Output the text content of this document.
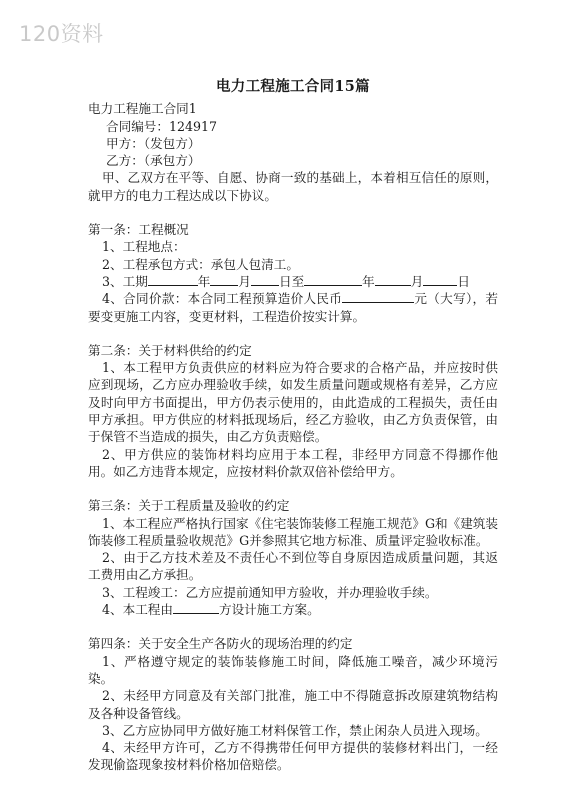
120资料
电力工程施工合同15篇
电力工程施工合同1
合同编号：124917
甲方：（发包方）
乙方：（承包方）
甲、乙双方在平等、自愿、协商一致的基础上，本着相互信任的原则，就甲方的电力工程达成以下协议。
第一条：工程概况
1、工程地点：
2、工程承包方式：承包人包清工。
3、工期	年 月 日至	年	月	日
4、合同价款：本合同工程预算造价人民币	元（大写），若要变更施工内容，变更材料，工程造价按实计算。
第二条：关于材料供给的约定
1、本工程甲方负责供应的材料应为符合要求的合格产品，并应按时供应到现场，乙方应办理验收手续，如发生质量问题或规格有差异，乙方应及时向甲方书面提出，甲方仍表示使用的，由此造成的工程损失，责任由甲方承担。甲方供应的材料抵现场后，经乙方验收，由乙方负责保管，由于保管不当造成的损失，由乙方负责赔偿。
2、甲方供应的装饰材料均应用于本工程，非经甲方同意不得挪作他用。如乙方违背本规定，应按材料价款双倍补偿给甲方。
第三条：关于工程质量及验收的约定
1、本工程应严格执行国家《住宅装饰装修工程施工规范》G和《建筑装饰装修工程质量验收规范》G并参照其它地方标准、质量评定验收标准。
2、由于乙方技术差及不责任心不到位等自身原因造成质量问题，其返工费用由乙方承担。
3、工程竣工：乙方应提前通知甲方验收，并办理验收手续。
4、本工程由	方设计施工方案。
第四条：关于安全生产各防火的现场治理的约定
1、严格遵守规定的装饰装修施工时间，降低施工噪音，减少环境污染。
2、未经甲方同意及有关部门批准，施工中不得随意拆改原建筑物结构及各种设备管线。
3、乙方应协同甲方做好施工材料保管工作，禁止闲杂人员进入现场。
4、未经甲方许可，乙方不得携带任何甲方提供的装修材料出门，一经发现偷盗现象按材料价格加倍赔偿。
